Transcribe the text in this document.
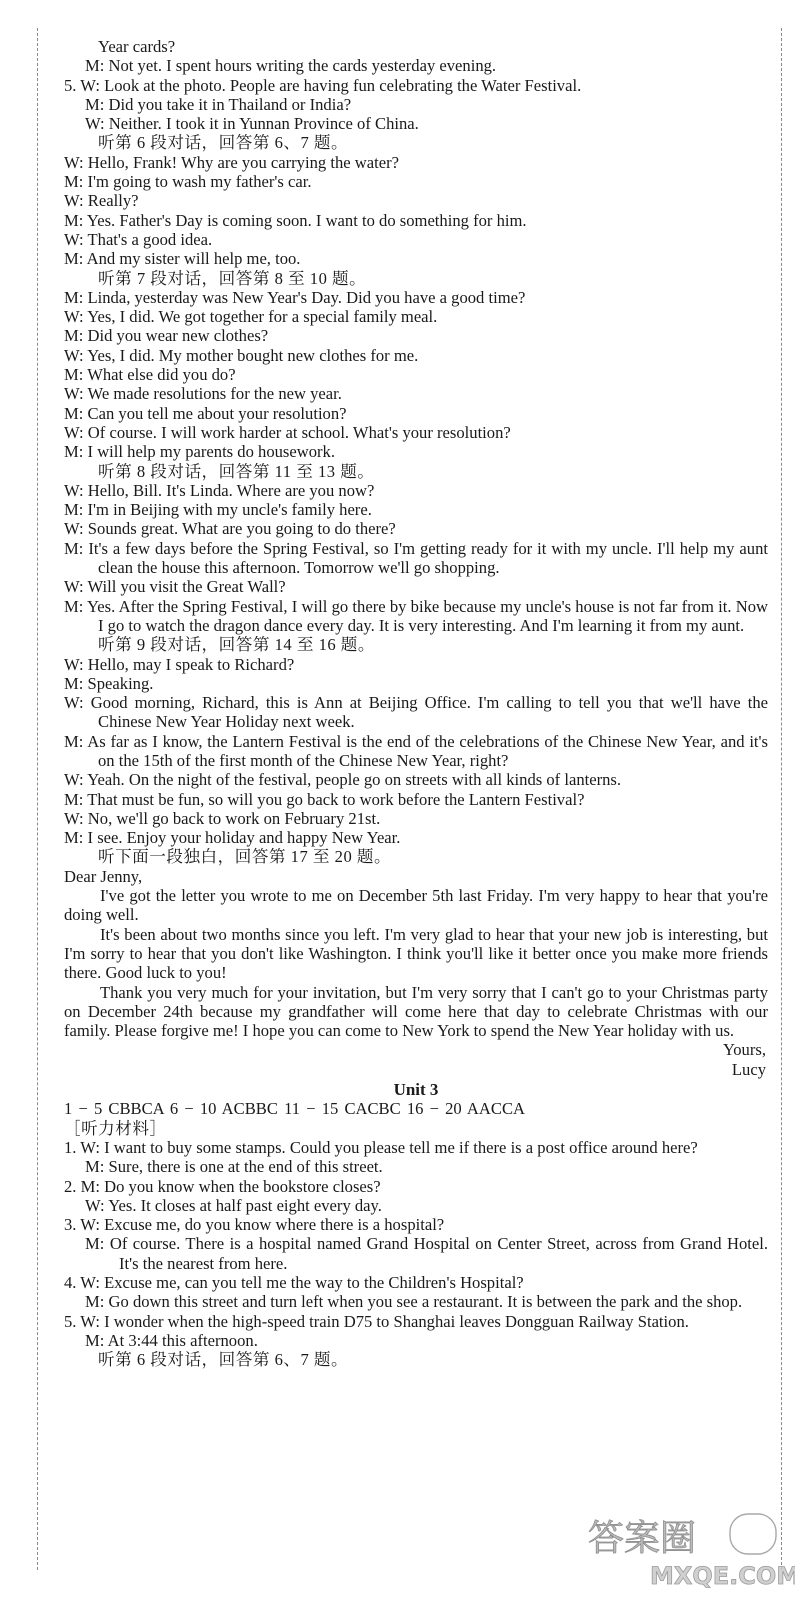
Year cards?
M: Not yet. I spent hours writing the cards yesterday evening.
5. W: Look at the photo. People are having fun celebrating the Water Festival.
M: Did you take it in Thailand or India?
W: Neither. I took it in Yunnan Province of China.
听第 6 段对话，回答第 6、7 题。
W: Hello, Frank! Why are you carrying the water?
M: I'm going to wash my father's car.
W: Really?
M: Yes. Father's Day is coming soon. I want to do something for him.
W: That's a good idea.
M: And my sister will help me, too.
听第 7 段对话，回答第 8 至 10 题。
M: Linda, yesterday was New Year's Day. Did you have a good time?
W: Yes, I did. We got together for a special family meal.
M: Did you wear new clothes?
W: Yes, I did. My mother bought new clothes for me.
M: What else did you do?
W: We made resolutions for the new year.
M: Can you tell me about your resolution?
W: Of course. I will work harder at school. What's your resolution?
M: I will help my parents do housework.
听第 8 段对话，回答第 11 至 13 题。
W: Hello, Bill. It's Linda. Where are you now?
M: I'm in Beijing with my uncle's family here.
W: Sounds great. What are you going to do there?
M: It's a few days before the Spring Festival, so I'm getting ready for it with my uncle. I'll help my aunt clean the house this afternoon. Tomorrow we'll go shopping.
W: Will you visit the Great Wall?
M: Yes. After the Spring Festival, I will go there by bike because my uncle's house is not far from it. Now I go to watch the dragon dance every day. It is very interesting. And I'm learning it from my aunt.
听第 9 段对话，回答第 14 至 16 题。
W: Hello, may I speak to Richard?
M: Speaking.
W: Good morning, Richard, this is Ann at Beijing Office. I'm calling to tell you that we'll have the Chinese New Year Holiday next week.
M: As far as I know, the Lantern Festival is the end of the celebrations of the Chinese New Year, and it's on the 15th of the first month of the Chinese New Year, right?
W: Yeah. On the night of the festival, people go on streets with all kinds of lanterns.
M: That must be fun, so will you go back to work before the Lantern Festival?
W: No, we'll go back to work on February 21st.
M: I see. Enjoy your holiday and happy New Year.
听下面一段独白，回答第 17 至 20 题。
Dear Jenny,
I've got the letter you wrote to me on December 5th last Friday. I'm very happy to hear that you're doing well.
It's been about two months since you left. I'm very glad to hear that your new job is interesting, but I'm sorry to hear that you don't like Washington. I think you'll like it better once you make more friends there. Good luck to you!
Thank you very much for your invitation, but I'm very sorry that I can't go to your Christmas party on December 24th because my grandfather will come here that day to celebrate Christmas with our family. Please forgive me! I hope you can come to New York to spend the New Year holiday with us.
Yours,
Lucy
Unit 3
1 − 5 CBBCA 6 − 10 ACBBC 11 − 15 CACBC 16 − 20 AACCA
［听力材料］
1. W: I want to buy some stamps. Could you please tell me if there is a post office around here?
M: Sure, there is one at the end of this street.
2. M: Do you know when the bookstore closes?
W: Yes. It closes at half past eight every day.
3. W: Excuse me, do you know where there is a hospital?
M: Of course. There is a hospital named Grand Hospital on Center Street, across from Grand Hotel. It's the nearest from here.
4. W: Excuse me, can you tell me the way to the Children's Hospital?
M: Go down this street and turn left when you see a restaurant. It is between the park and the shop.
5. W: I wonder when the high-speed train D75 to Shanghai leaves Dongguan Railway Station.
M: At 3:44 this afternoon.
听第 6 段对话，回答第 6、7 题。
答案圈
MXQE.COM
